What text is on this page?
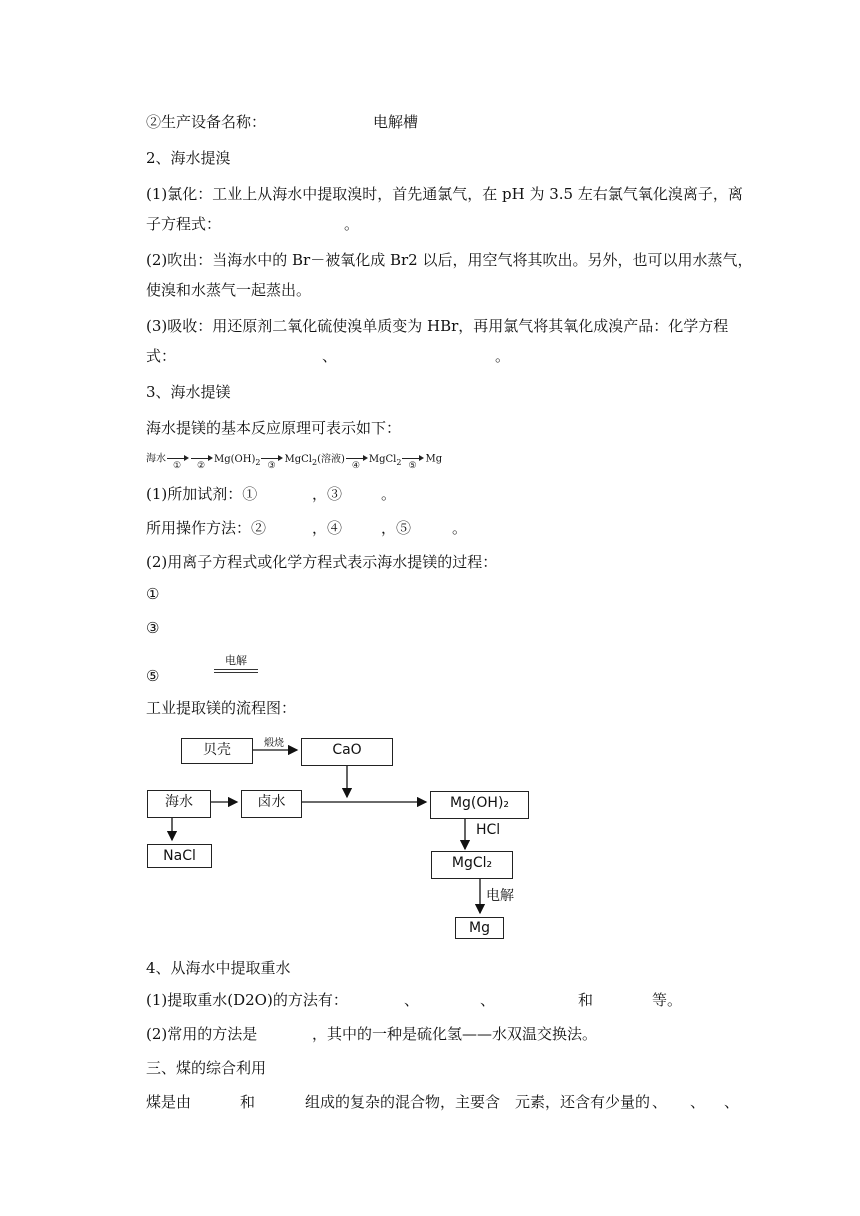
②生产设备名称：	电解槽
2、海水提溴
(1)氯化：工业上从海水中提取溴时，首先通氯气，在 pH 为 3.5 左右氯气氧化溴离子，离
子方程式：	。
(2)吹出：当海水中的 Br－被氧化成 Br2 以后，用空气将其吹出。另外，也可以用水蒸气，
使溴和水蒸气一起蒸出。
(3)吸收：用还原剂二氧化硫使溴单质变为 HBr，再用氯气将其氧化成溴产品：化学方程
式：	、	。
3、海水提镁
海水提镁的基本反应原理可表示如下：
海水
① ②
$Mg(OH)_2$ ③
MgCl$_2$(溶液)
④
MgCl$_2$ ⑤
Mg
(1)所加试剂：①	，③	。
所用操作方法：②	，④	，⑤	。
(2)用离子方程式或化学方程式表示海水提镁的过程：
①
③
电解
⑤
工业提取镁的流程图：

贝壳	煅烧	CaO
海水	卤水	Mg(OH)₂
NaCl
HCl
MgCl₂
电解
Mg
4、从海水中提取重水
(1)提取重水(D2O)的方法有：	、	、	和	等。
(2)常用的方法是	，其中的一种是硫化氢——水双温交换法。
三、煤的综合利用
煤是由	和	组成的复杂的混合物，主要含 元素，还含有少量的 、 、 、
